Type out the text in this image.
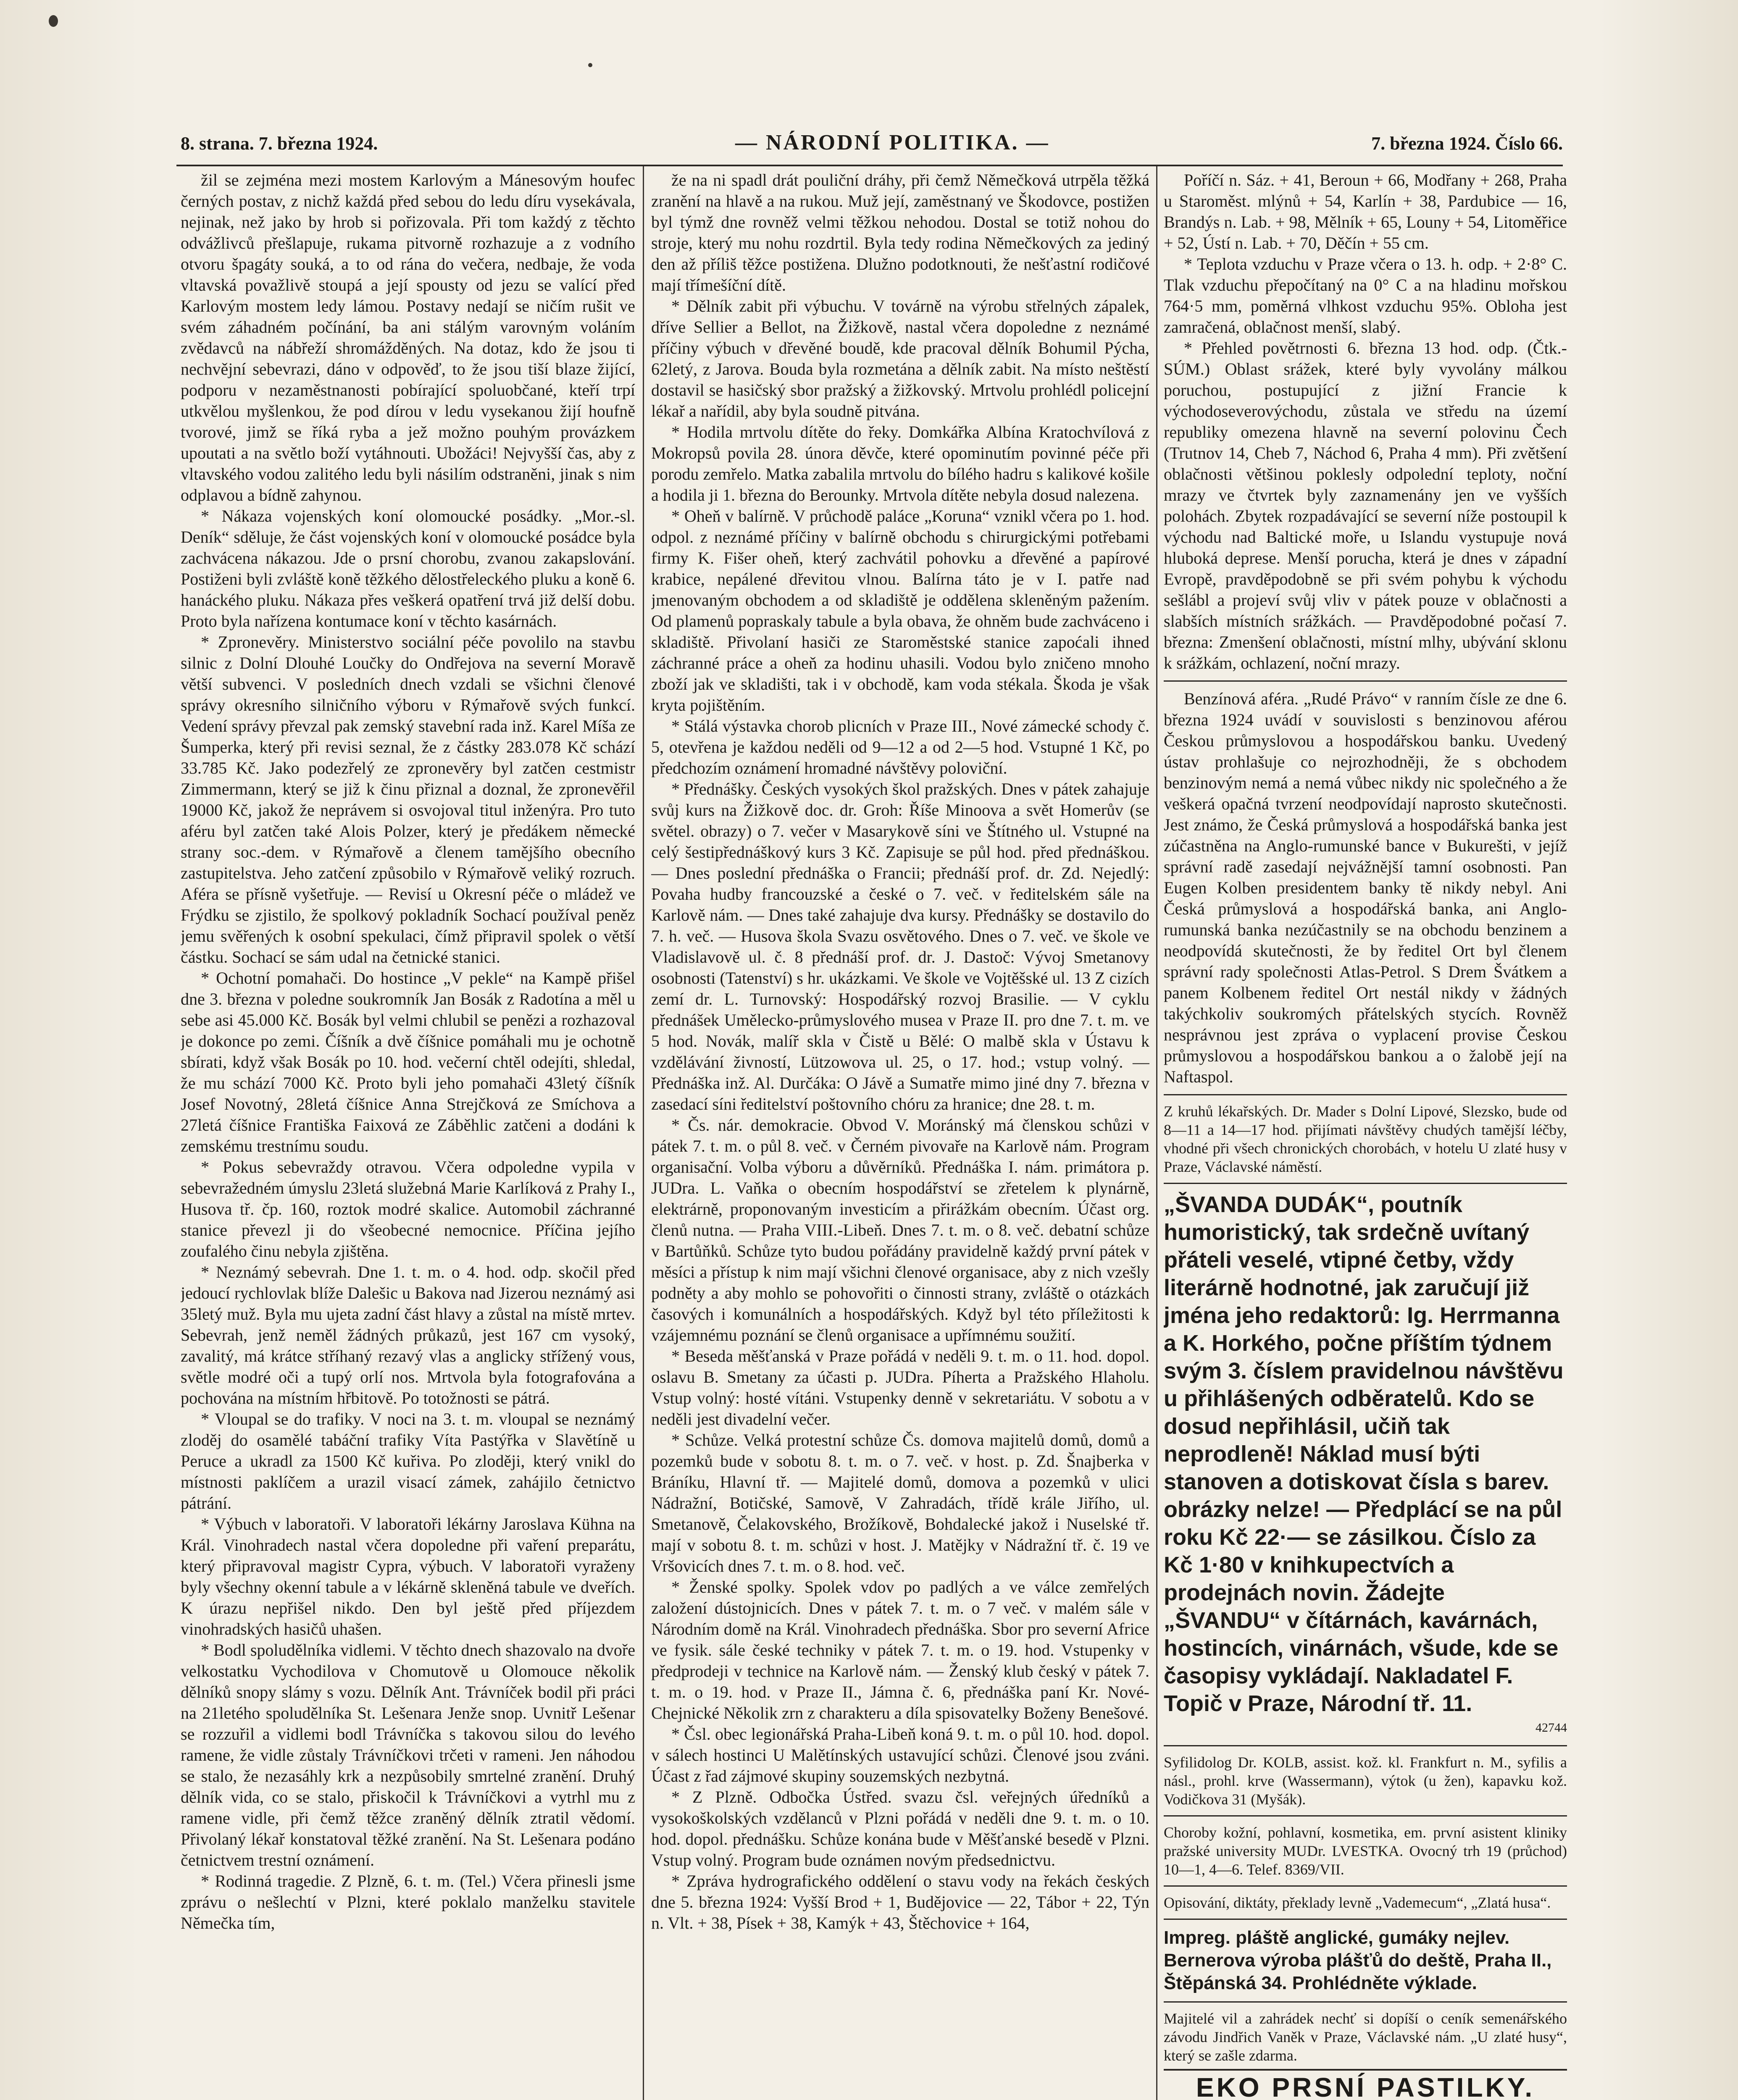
8. strana. 7. března 1924.	— NÁRODNÍ POLITIKA. —	7. března 1924. Číslo 66.

žil se zejména mezi mostem Karlovým a Mánesovým houfec černých postav, z nichž každá před sebou do ledu díru vysekávala, nejinak, než jako by hrob si pořizovala. Při tom každý z těchto odvážlivců přešlapuje, rukama pitvorně rozhazuje a z vodního otvoru špagáty souká, a to od rána do večera, nedbaje, že voda vltavská považlivě stoupá a její spousty od jezu se valící před Karlovým mostem ledy lámou. Postavy nedají se ničím rušit ve svém záhadném počínání, ba ani stálým varovným voláním zvědavců na nábřeží shromážděných. Na dotaz, kdo že jsou ti nechvějní sebevrazi, dáno v odpověď, to že jsou tiší blaze žijící, podporu v nezaměstnanosti pobírající spoluobčané, kteří trpí utkvělou myšlenkou, že pod dírou v ledu vysekanou žijí houfně tvorové, jimž se říká ryba a jež možno pouhým provázkem upoutati a na světlo boží vytáhnouti. Ubožáci! Nejvyšší čas, aby z vltavského vodou zalitého ledu byli násilím odstraněni, jinak s nim odplavou a bídně zahynou.

* Nákaza vojenských koní olomoucké posádky. „Mor.-sl. Deník“ sděluje, že část vojenských koní v olomoucké posádce byla zachvácena nákazou. Jde o prsní chorobu, zvanou zakapslování. Postiženi byli zvláště koně těžkého dělostřeleckého pluku a koně 6. hanáckého pluku. Nákaza přes veškerá opatření trvá již delší dobu. Proto byla nařízena kontumace koní v těchto kasárnách.

* Zpronevěry. Ministerstvo sociální péče povolilo na stavbu silnic z Dolní Dlouhé Loučky do Ondřejova na severní Moravě větší subvenci. V posledních dnech vzdali se všichni členové správy okresního silničního výboru v Rýmařově svých funkcí. Vedení správy převzal pak zemský stavební rada inž. Karel Míša ze Šumperka, který při revisi seznal, že z částky 283.078 Kč schází 33.785 Kč. Jako podezřelý ze zpronevěry byl zatčen cestmistr Zimmermann, který se již k činu přiznal a doznal, že zpronevěřil 19000 Kč, jakož že neprávem si osvojoval titul inženýra. Pro tuto aféru byl zatčen také Alois Polzer, který je předákem německé strany soc.-dem. v Rýmařově a členem tamějšího obecního zastupitelstva. Jeho zatčení způsobilo v Rýmařově veliký rozruch. Aféra se přísně vyšetřuje. — Revisí u Okresní péče o mládež ve Frýdku se zjistilo, že spolkový pokladník Sochací používal peněz jemu svěřených k osobní spekulaci, čímž připravil spolek o větší částku. Sochací se sám udal na četnické stanici.

* Ochotní pomahači. Do hostince „V pekle“ na Kampě přišel dne 3. března v poledne soukromník Jan Bosák z Radotína a měl u sebe asi 45.000 Kč. Bosák byl velmi chlubil se penězi a rozhazoval je dokonce po zemi. Číšník a dvě číšnice pomáhali mu je ochotně sbírati, když však Bosák po 10. hod. večerní chtěl odejíti, shledal, že mu schází 7000 Kč. Proto byli jeho pomahači 43letý číšník Josef Novotný, 28letá číšnice Anna Strejčková ze Smíchova a 27letá číšnice Františka Faixová ze Záběhlic zatčeni a dodáni k zemskému trestnímu soudu.

* Pokus sebevraždy otravou. Včera odpoledne vypila v sebevražedném úmyslu 23letá služebná Marie Karlíková z Prahy I., Husova tř. čp. 160, roztok modré skalice. Automobil záchranné stanice převezl ji do všeobecné nemocnice. Příčina jejího zoufalého činu nebyla zjištěna.

* Neznámý sebevrah. Dne 1. t. m. o 4. hod. odp. skočil před jedoucí rychlovlak blíže Dalešic u Bakova nad Jizerou neznámý asi 35letý muž. Byla mu ujeta zadní část hlavy a zůstal na místě mrtev. Sebevrah, jenž neměl žádných průkazů, jest 167 cm vysoký, zavalitý, má krátce stříhaný rezavý vlas a anglicky střížený vous, světle modré oči a tupý orlí nos. Mrtvola byla fotografována a pochována na místním hřbitově. Po totožnosti se pátrá.

* Vloupal se do trafiky. V noci na 3. t. m. vloupal se neznámý zloděj do osamělé tabáční trafiky Víta Pastýřka v Slavětíně u Peruce a ukradl za 1500 Kč kuřiva. Po zloději, který vnikl do místnosti paklíčem a urazil visací zámek, zahájilo četnictvo pátrání.

* Výbuch v laboratoři. V laboratoři lékárny Jaroslava Kühna na Král. Vinohradech nastal včera dopoledne při vaření preparátu, který připravoval magistr Cypra, výbuch. V laboratoři vyraženy byly všechny okenní tabule a v lékárně skleněná tabule ve dveřích. K úrazu nepřišel nikdo. Den byl ještě před příjezdem vinohradských hasičů uhašen.

* Bodl spoludělníka vidlemi. V těchto dnech shazovalo na dvoře velkostatku Vychodilova v Chomutově u Olomouce několik dělníků snopy slámy s vozu. Dělník Ant. Trávníček bodil při práci na 21letého spoludělníka St. Lešenara Jenže snop. Uvnitř Lešenar se rozzuřil a vidlemi bodl Trávníčka s takovou silou do levého ramene, že vidle zůstaly Trávníčkovi trčeti v rameni. Jen náhodou se stalo, že nezasáhly krk a nezpůsobily smrtelné zranění. Druhý dělník vida, co se stalo, přiskočil k Trávníčkovi a vytrhl mu z ramene vidle, při čemž těžce zraněný dělník ztratil vědomí. Přivolaný lékař konstatoval těžké zranění. Na St. Lešenara podáno četnictvem trestní oznámení.

* Rodinná tragedie. Z Plzně, 6. t. m. (Tel.) Včera přinesli jsme zprávu o nešlechtí v Plzni, které poklalo manželku stavitele Němečka tím,

že na ni spadl drát pouliční dráhy, při čemž Němečková utrpěla těžká zranění na hlavě a na rukou. Muž její, zaměstnaný ve Škodovce, postižen byl týmž dne rovněž velmi těžkou nehodou. Dostal se totiž nohou do stroje, který mu nohu rozdrtil. Byla tedy rodina Němečkových za jediný den až příliš těžce postižena. Dlužno podotknouti, že nešťastní rodičové mají třímešíční dítě.

* Dělník zabit při výbuchu. V továrně na výrobu střelných zápalek, dříve Sellier a Bellot, na Žižkově, nastal včera dopoledne z neznámé příčiny výbuch v dřevěné boudě, kde pracoval dělník Bohumil Pýcha, 62letý, z Jarova. Bouda byla rozmetána a dělník zabit. Na místo neštěstí dostavil se hasičský sbor pražský a žižkovský. Mrtvolu prohlédl policejní lékař a nařídil, aby byla soudně pitvána.

* Hodila mrtvolu dítěte do řeky. Domkářka Albína Kratochvílová z Mokropsů povila 28. února děvče, které opominutím povinné péče při porodu zemřelo. Matka zabalila mrtvolu do bílého hadru s kalikové košile a hodila ji 1. března do Berounky. Mrtvola dítěte nebyla dosud nalezena.

* Oheň v balírně. V průchodě paláce „Koruna“ vznikl včera po 1. hod. odpol. z neznámé příčiny v balírně obchodu s chirurgickými potřebami firmy K. Fišer oheň, který zachvátil pohovku a dřevěné a papírové krabice, nepálené dřevitou vlnou. Balírna táto je v I. patře nad jmenovaným obchodem a od skladiště je oddělena skleněným pažením. Od plamenů popraskaly tabule a byla obava, že ohněm bude zachváceno i skladiště. Přivolaní hasiči ze Staroměstské stanice zapoćali ihned záchranné práce a oheň za hodinu uhasili. Vodou bylo zničeno mnoho zboží jak ve skladišti, tak i v obchodě, kam voda stékala. Škoda je však kryta pojištěním.

* Stálá výstavka chorob plicních v Praze III., Nové zámecké schody č. 5, otevřena je každou neděli od 9—12 a od 2—5 hod. Vstupné 1 Kč, po předchozím oznámení hromadné návštěvy poloviční.

* Přednášky. Českých vysokých škol pražských. Dnes v pátek zahajuje svůj kurs na Žižkově doc. dr. Groh: Říše Minoova a svět Homerův (se světel. obrazy) o 7. večer v Masarykově síni ve Štítného ul. Vstupné na celý šestipřednáškový kurs 3 Kč. Zapisuje se půl hod. před přednáškou. — Dnes poslední přednáška o Francii; přednáší prof. dr. Zd. Nejedlý: Povaha hudby francouzské a české o 7. več. v ředitelském sále na Karlově nám. — Dnes také zahajuje dva kursy. Přednášky se dostavilo do 7. h. več. — Husova škola Svazu osvětového. Dnes o 7. več. ve škole ve Vladislavově ul. č. 8 přednáší prof. dr. J. Dastoč: Vývoj Smetanovy osobnosti (Tatenství) s hr. ukázkami. Ve škole ve Vojtěšské ul. 13 Z cizích zemí dr. L. Turnovský: Hospodářský rozvoj Brasilie. — V cyklu přednášek Umělecko-průmyslového musea v Praze II. pro dne 7. t. m. ve 5 hod. Novák, malíř skla v Čistě u Bělé: O malbě skla v Ústavu k vzdělávání živností, Lützowova ul. 25, o 17. hod.; vstup volný. — Přednáška inž. Al. Durčáka: O Jávě a Sumatře mimo jiné dny 7. března v zasedací síni ředitelství poštovního chóru za hranice; dne 28. t. m.

* Čs. nár. demokracie. Obvod V. Moránský má členskou schůzi v pátek 7. t. m. o půl 8. več. v Černém pivovaře na Karlově nám. Program organisační. Volba výboru a důvěrníků. Přednáška I. nám. primátora p. JUDra. L. Vaňka o obecním hospodářství se zřetelem k plynárně, elektrárně, proponovaným investicím a přirážkám obecním. Účast org. členů nutna. — Praha VIII.-Libeň. Dnes 7. t. m. o 8. več. debatní schůze v Bartůňků. Schůze tyto budou pořádány pravidelně každý první pátek v měsíci a přístup k nim mají všichni členové organisace, aby z nich vzešly podněty a aby mohlo se pohovořiti o činnosti strany, zvláště o otázkách časových i komunálních a hospodářských. Když byl této příležitosti k vzájemnému poznání se členů organisace a upřímnému soužití.

* Beseda měšťanská v Praze pořádá v neděli 9. t. m. o 11. hod. dopol. oslavu B. Smetany za účasti p. JUDra. Píherta a Pražského Hlaholu. Vstup volný: hosté vítáni. Vstupenky denně v sekretariátu. V sobotu a v neděli jest divadelní večer.

* Schůze. Velká protestní schůze Čs. domova majitelů domů, domů a pozemků bude v sobotu 8. t. m. o 7. več. v host. p. Zd. Šnajberka v Bráníku, Hlavní tř. — Majitelé domů, domova a pozemků v ulici Nádražní, Botičské, Samově, V Zahradách, třídě krále Jiřího, ul. Smetanově, Čelakovského, Brožíkově, Bohdalecké jakož i Nuselské tř. mají v sobotu 8. t. m. schůzi v host. J. Matějky v Nádražní tř. č. 19 ve Vršovicích dnes 7. t. m. o 8. hod. več.

* Ženské spolky. Spolek vdov po padlých a ve válce zemřelých založení dústojnicích. Dnes v pátek 7. t. m. o 7 več. v malém sále v Národním domě na Král. Vinohradech přednáška. Sbor pro severní Africe ve fysik. sále české techniky v pátek 7. t. m. o 19. hod. Vstupenky v předprodeji v technice na Karlově nám. — Ženský klub český v pátek 7. t. m. o 19. hod. v Praze II., Jámna č. 6, přednáška paní Kr. Nové-Chejnické Několik zrn z charakteru a díla spisovatelky Boženy Benešové.

* Čsl. obec legionářská Praha-Libeň koná 9. t. m. o půl 10. hod. dopol. v sálech hostinci U Malětínských ustavující schůzi. Členové jsou zváni. Účast z řad zájmové skupiny souzemských nezbytná.

* Z Plzně. Odbočka Ústřed. svazu čsl. veřejných úředníků a vysokoškolských vzdělanců v Plzni pořádá v neděli dne 9. t. m. o 10. hod. dopol. přednášku. Schůze konána bude v Měšťanské besedě v Plzni. Vstup volný. Program bude oznámen novým předsednictvu.

* Zpráva hydrografického oddělení o stavu vody na řekách českých dne 5. března 1924: Vyšší Brod + 1, Budějovice — 22, Tábor + 22, Týn n. Vlt. + 38, Písek + 38, Kamýk + 43, Štěchovice + 164,

Poříčí n. Sáz. + 41, Beroun + 66, Modřany + 268, Praha u Staroměst. mlýnů + 54, Karlín + 38, Pardubice — 16, Brandýs n. Lab. + 98, Mělník + 65, Louny + 54, Litoměřice + 52, Ústí n. Lab. + 70, Děčín + 55 cm.

* Teplota vzduchu v Praze včera o 13. h. odp. + 2·8° C. Tlak vzduchu přepočítaný na 0° C a na hladinu mořskou 764·5 mm, poměrná vlhkost vzduchu 95%. Obloha jest zamračená, oblačnost menší, slabý.

* Přehled povětrnosti 6. března 13 hod. odp. (Čtk.-SÚM.) Oblast srážek, které byly vyvolány málkou poruchou, postupující z jižní Francie k východoseverovýchodu, zůstala ve středu na území republiky omezena hlavně na severní polovinu Čech (Trutnov 14, Cheb 7, Náchod 6, Praha 4 mm). Při zvětšení oblačnosti většinou poklesly odpolední teploty, noční mrazy ve čtvrtek byly zaznamenány jen ve vyšších polohách. Zbytek rozpadávající se severní níže postoupil k východu nad Baltické moře, u Islandu vystupuje nová hluboká deprese. Menší porucha, která je dnes v západní Evropě, pravděpodobně se při svém pohybu k východu sešlábl a projeví svůj vliv v pátek pouze v oblačnosti a slabších místních srážkách. — Pravděpodobné počasí 7. března: Zmenšení oblačnosti, místní mlhy, ubývání sklonu k srážkám, ochlazení, noční mrazy.

Benzínová aféra. „Rudé Právo“ v ranním čísle ze dne 6. března 1924 uvádí v souvislosti s benzinovou aférou Českou průmyslovou a hospodářskou banku. Uvedený ústav prohlašuje co nejrozhodněji, že s obchodem benzinovým nemá a nemá vůbec nikdy nic společného a že veškerá opačná tvrzení neodpovídají naprosto skutečnosti. Jest známo, že Česká průmyslová a hospodářská banka jest zúčastněna na Anglo-rumunské bance v Bukurešti, v jejíž správní radě zasedají nejvážnější tamní osobnosti. Pan Eugen Kolben presidentem banky tě nikdy nebyl. Ani Česká průmyslová a hospodářská banka, ani Anglo-rumunská banka nezúčastnily se na obchodu benzinem a neodpovídá skutečnosti, že by ředitel Ort byl členem správní rady společnosti Atlas-Petrol. S Drem Švátkem a panem Kolbenem ředitel Ort nestál nikdy v žádných takýchkoliv soukromých přátelských stycích. Rovněž nesprávnou jest zpráva o vyplacení provise Českou průmyslovou a hospodářskou bankou a o žalobě její na Naftaspol.

Z kruhů lékařských. Dr. Mader s Dolní Lipové, Slezsko, bude od 8—11 a 14—17 hod. přijímati návštěvy chudých tamější léčby, vhodné při všech chronických chorobách, v hotelu U zlaté husy v Praze, Václavské náměstí.

„ŠVANDA DUDÁK“, poutník humoristický, tak srdečně uvítaný přáteli veselé, vtipné četby, vždy literárně hodnotné, jak zaručují již jména jeho redaktorů: Ig. Herrmanna a K. Horkého, počne příštím týdnem svým 3. číslem pravidelnou návštěvu u přihlášených odběratelů. Kdo se dosud nepřihlásil, učiň tak neprodleně! Náklad musí býti stanoven a dotiskovat čísla s barev. obrázky nelze! — Předplácí se na půl roku Kč 22·— se zásilkou. Číslo za Kč 1·80 v knihkupectvích a prodejnách novin. Žádejte „ŠVANDU“ v čítárnách, kavárnách, hostincích, vinárnách, všude, kde se časopisy vykládají. Nakladatel F. Topič v Praze, Národní tř. 11.

42744

Syfilidolog Dr. KOLB, assist. kož. kl. Frankfurt n. M., syfilis a násl., prohl. krve (Wassermann), výtok (u žen), kapavku kož. Vodičkova 31 (Myšák).

Choroby kožní, pohlavní, kosmetika, em. první asistent kliniky pražské university MUDr. LVESTKA. Ovocný trh 19 (průchod) 10—1, 4—6. Telef. 8369/VII.

Opisování, diktáty, překlady levně „Vademecum“, „Zlatá husa“.

Impreg. pláště anglické, gumáky nejlev. Bernerova výroba plášťů do deště, Praha II., Štěpánská 34. Prohlédněte výklade.

Majitelé vil a zahrádek nechť si dopíší o ceník semenářského závodu Jindřich Vaněk v Praze, Václavské nám. „U zlaté husy“, který se zašle zdarma.

EKO PRSNÍ PASTILKY.
